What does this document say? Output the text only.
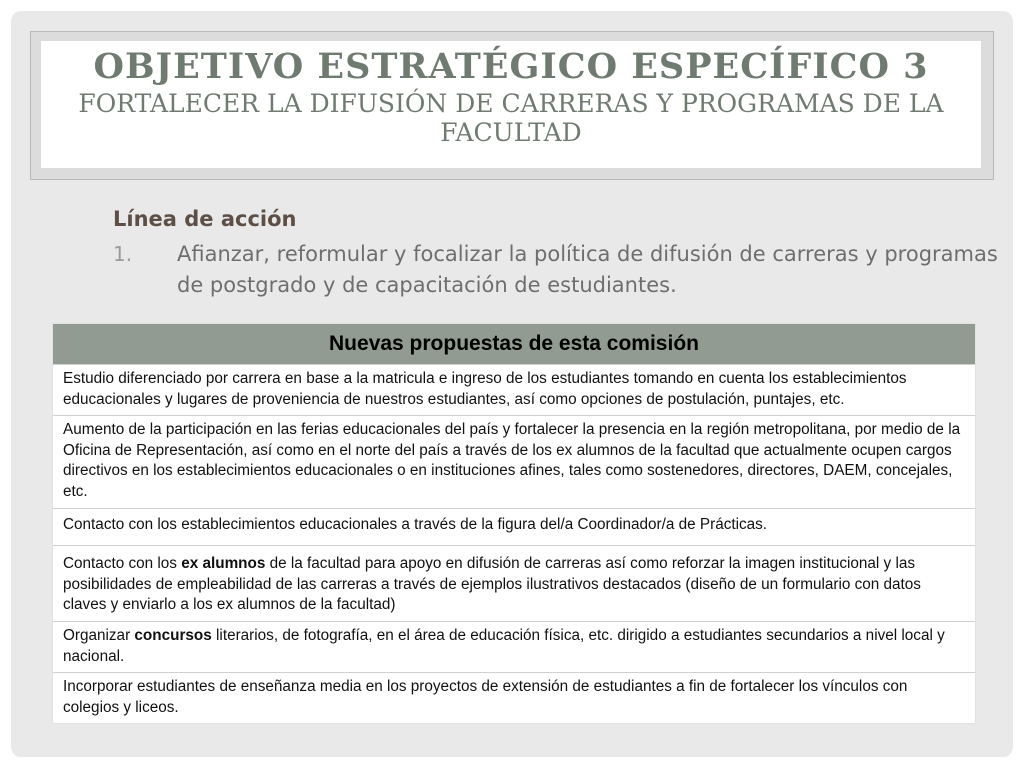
OBJETIVO ESTRATÉGICO ESPECÍFICO 3
FORTALECER LA DIFUSIÓN DE CARRERAS Y PROGRAMAS DE LA
FACULTAD
Línea de acción
1. Afianzar, reformular y focalizar la política de difusión de carreras y programas de postgrado y de capacitación de estudiantes.
Nuevas propuestas de esta comisión
Estudio diferenciado por carrera en base a la matricula e ingreso de los estudiantes tomando en cuenta los establecimientos educacionales y lugares de proveniencia de nuestros estudiantes, así como opciones de postulación, puntajes, etc.
Aumento de la participación en las ferias educacionales del país y fortalecer la presencia en la región metropolitana, por medio de la Oficina de Representación, así como en el norte del país a través de los ex alumnos de la facultad que actualmente ocupen cargos directivos en los establecimientos educacionales o en instituciones afines, tales como sostenedores, directores, DAEM, concejales, etc.
Contacto con los establecimientos educacionales a través de la figura del/a Coordinador/a de Prácticas.
Contacto con los ex alumnos de la facultad para apoyo en difusión de carreras así como reforzar la imagen institucional y las posibilidades de empleabilidad de las carreras a través de ejemplos ilustrativos destacados (diseño de un formulario con datos claves y enviarlo a los ex alumnos de la facultad)
Organizar concursos literarios, de fotografía, en el área de educación física, etc. dirigido a estudiantes secundarios a nivel local y nacional.
Incorporar estudiantes de enseñanza media en los proyectos de extensión de estudiantes a fin de fortalecer los vínculos con colegios y liceos.
